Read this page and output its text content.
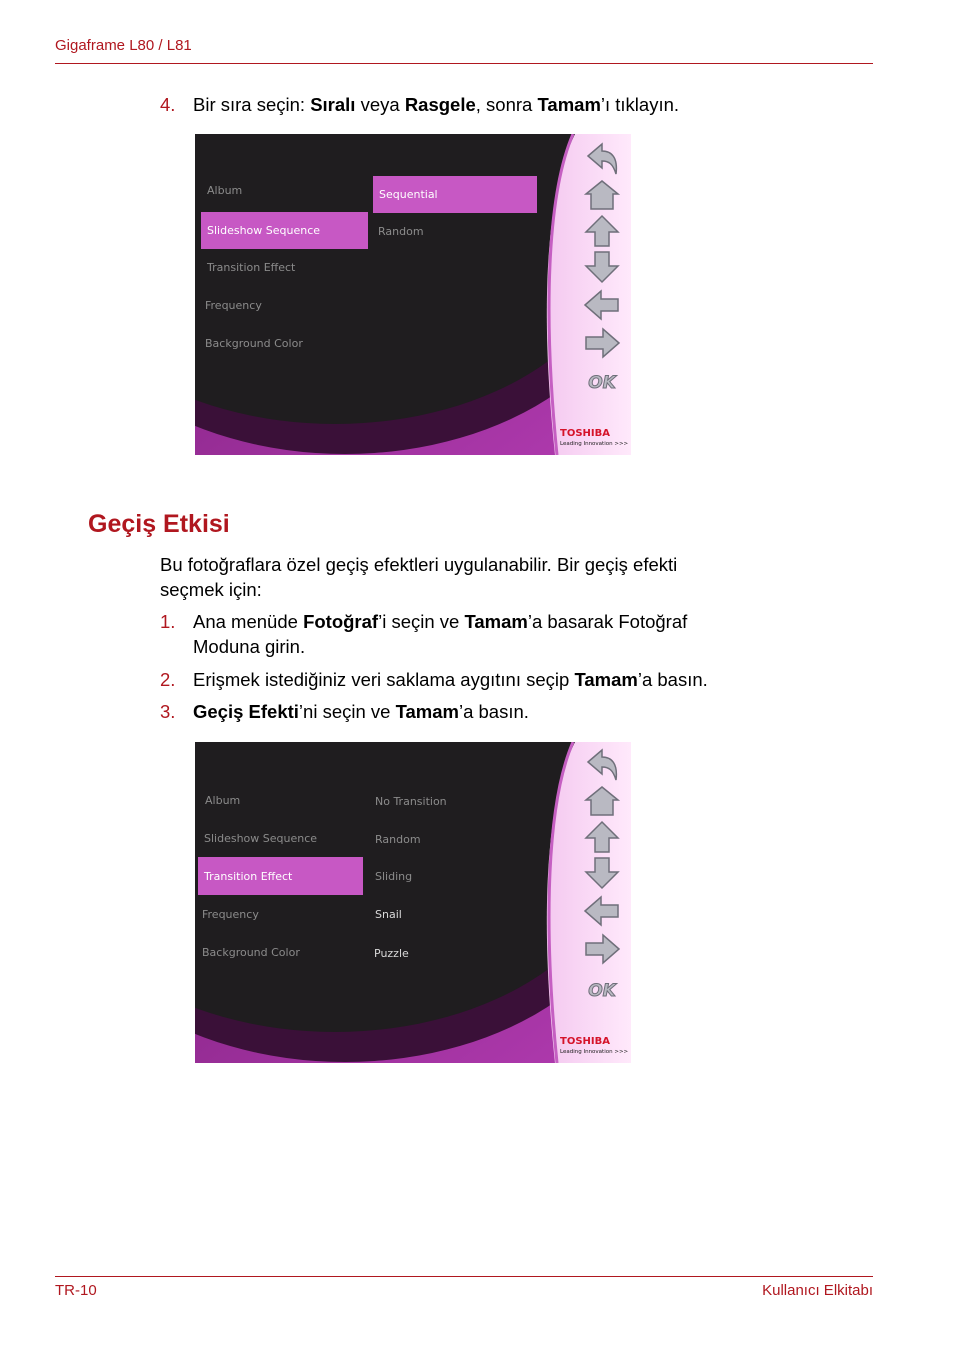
Gigaframe L80 / L81
4. Bir sıra seçin: Sıralı veya Rasgele, sonra Tamam’ı tıklayın.
Album
Slideshow Sequence
Transition Effect
Frequency
Background Color
Sequential
Random
OK
TOSHIBA
Leading Innovation >>>
Geçiş Etkisi
Bu fotoğraflara özel geçiş efektleri uygulanabilir. Bir geçiş efekti
seçmek için:
1. Ana menüde Fotoğraf’i seçin ve Tamam’a basarak Fotoğraf
Moduna girin.
2. Erişmek istediğiniz veri saklama aygıtını seçip Tamam’a basın.
3. Geçiş Efekti’ni seçin ve Tamam’a basın.
Album
Slideshow Sequence
Transition Effect
Frequency
Background Color
No Transition
Random
Sliding
Snail
Puzzle
OK
TOSHIBA
Leading Innovation >>>
TR-10	Kullanıcı Elkitabı
